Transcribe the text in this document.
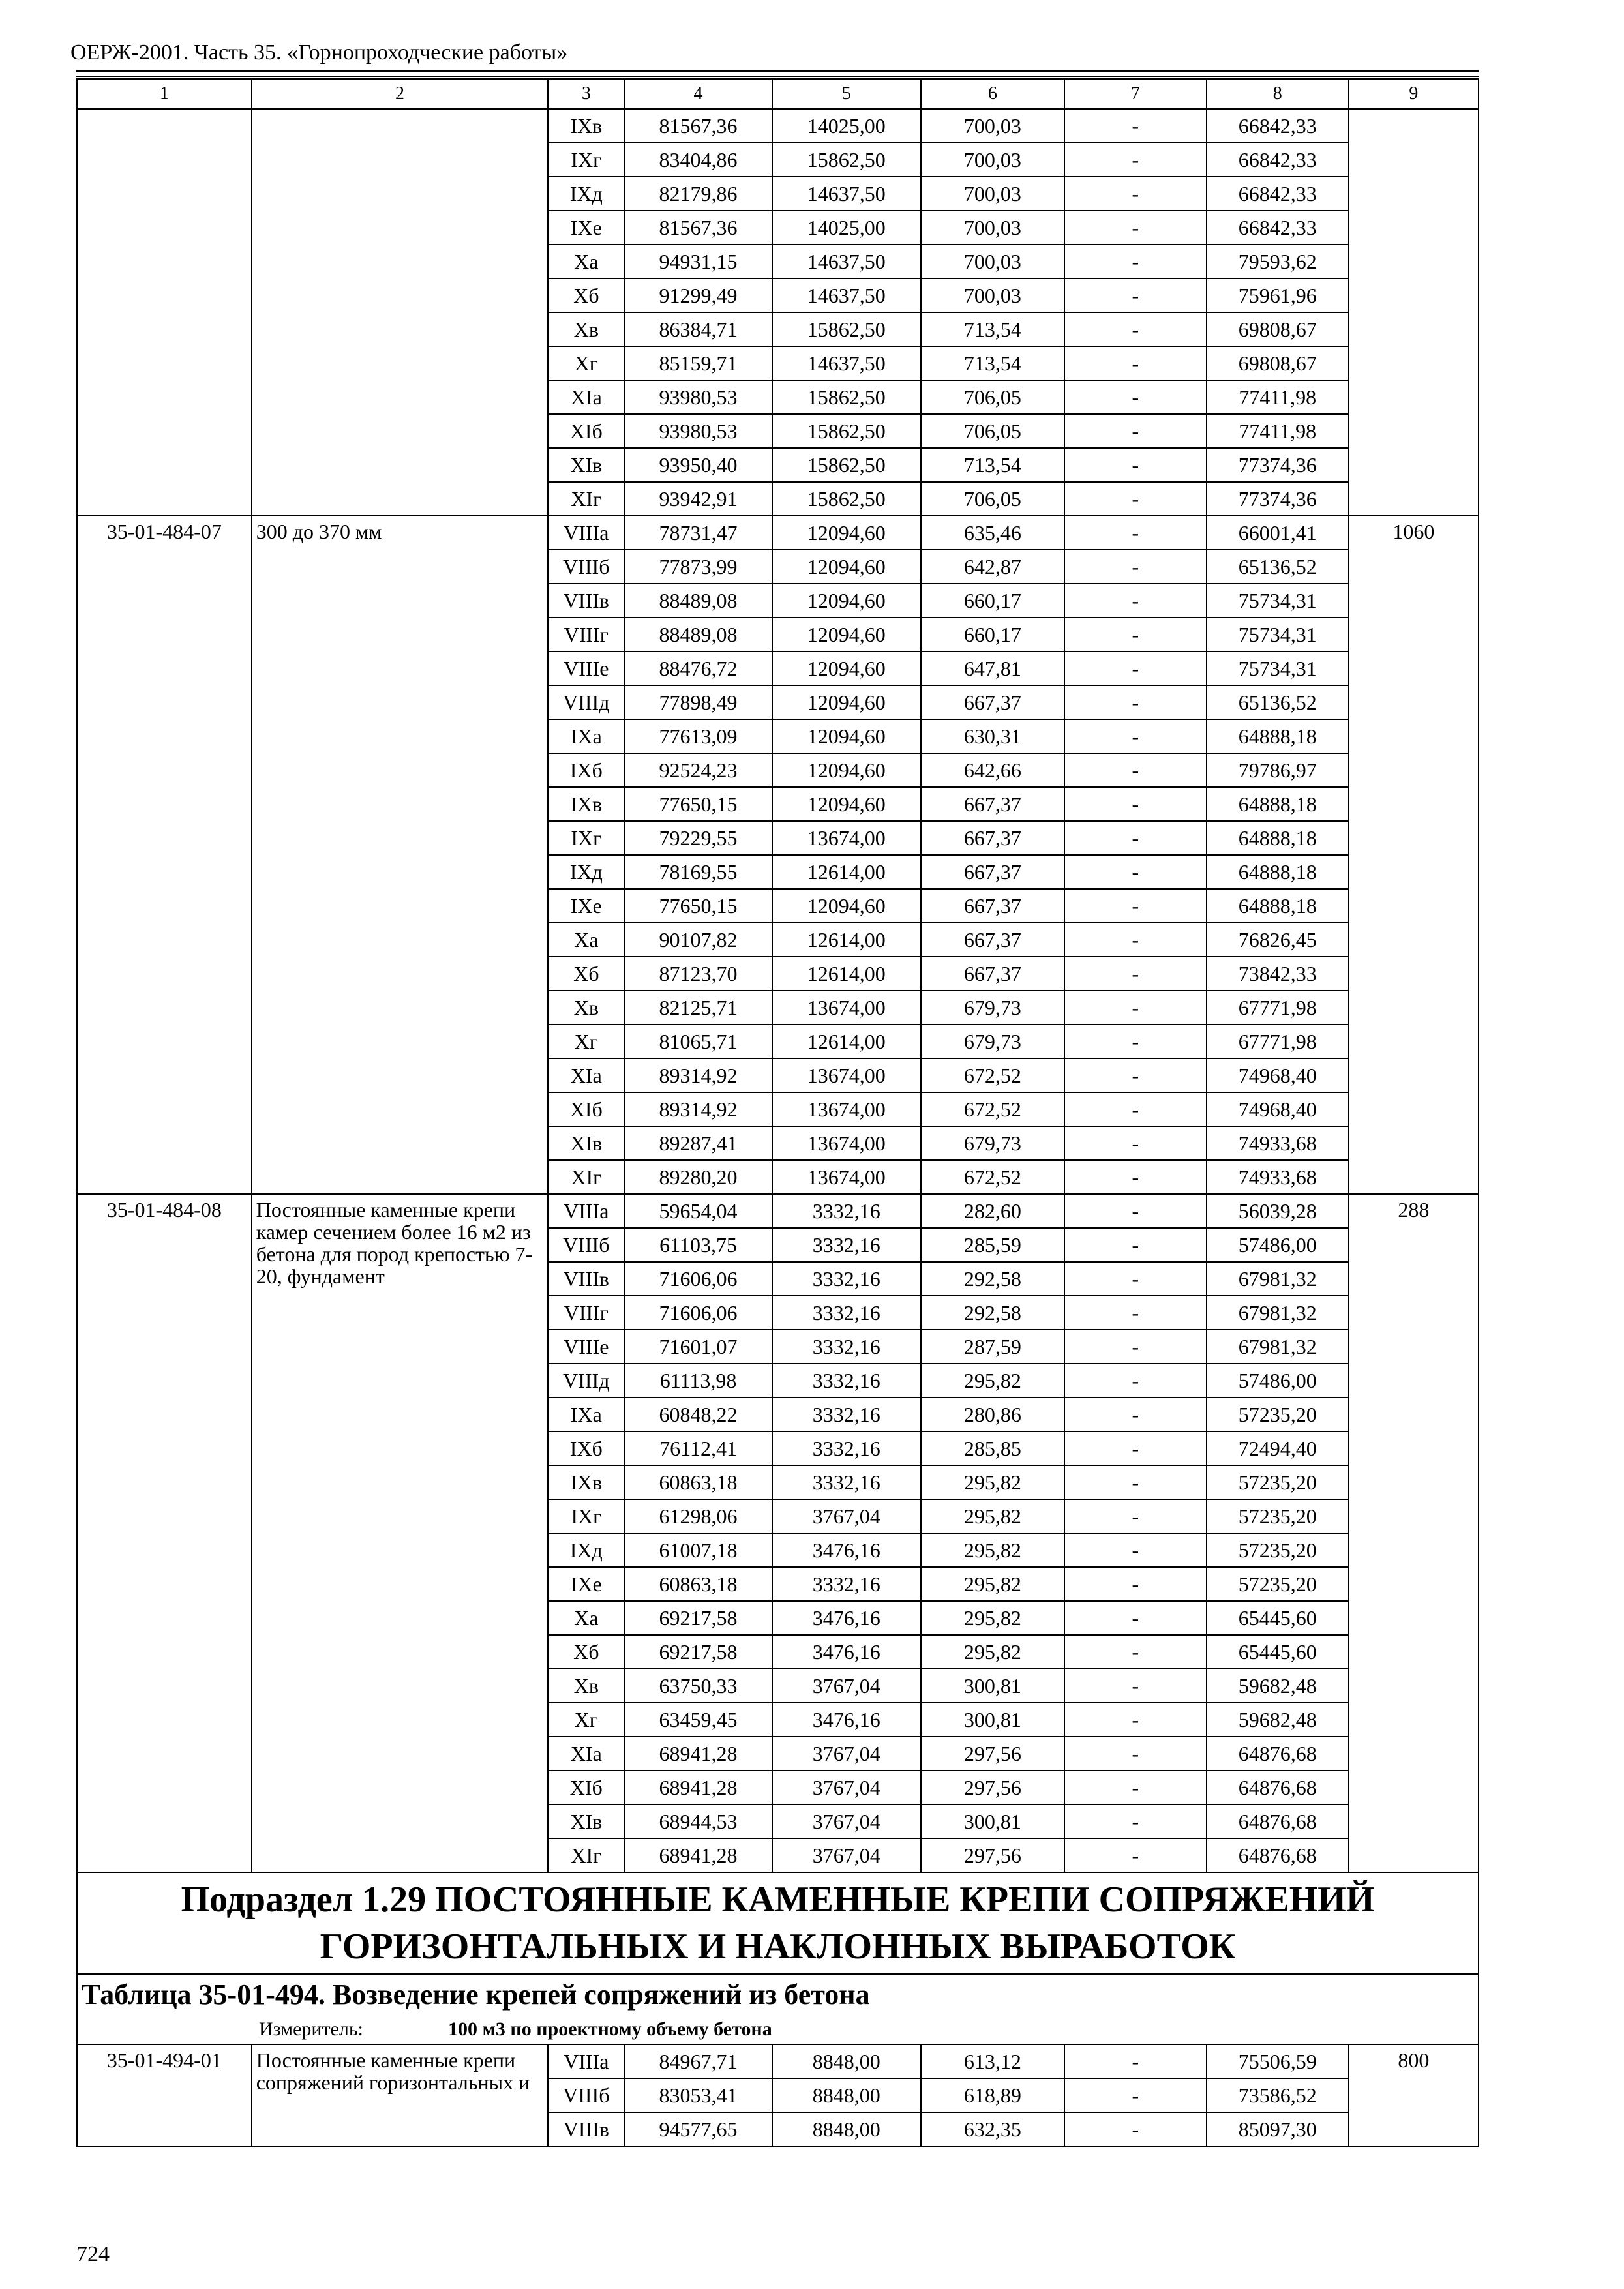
ОЕРЖ-2001. Часть 35. «Горнопроходческие работы»
1	2	3	4	5	6	7	8	9
		IXв	81567,36	14025,00	700,03	-	66842,33	
		IXг	83404,86	15862,50	700,03	-	66842,33	
		IXд	82179,86	14637,50	700,03	-	66842,33	
		IXе	81567,36	14025,00	700,03	-	66842,33	
		Xа	94931,15	14637,50	700,03	-	79593,62	
		Xб	91299,49	14637,50	700,03	-	75961,96	
		Xв	86384,71	15862,50	713,54	-	69808,67	
		Xг	85159,71	14637,50	713,54	-	69808,67	
		XIа	93980,53	15862,50	706,05	-	77411,98	
		XIб	93980,53	15862,50	706,05	-	77411,98	
		XIв	93950,40	15862,50	713,54	-	77374,36	
		XIг	93942,91	15862,50	706,05	-	77374,36	
35-01-484-07	300 до 370 мм	VIIIа	78731,47	12094,60	635,46	-	66001,41	1060
		VIIIб	77873,99	12094,60	642,87	-	65136,52	
		VIIIв	88489,08	12094,60	660,17	-	75734,31	
		VIIIг	88489,08	12094,60	660,17	-	75734,31	
		VIIIе	88476,72	12094,60	647,81	-	75734,31	
		VIIIд	77898,49	12094,60	667,37	-	65136,52	
		IXа	77613,09	12094,60	630,31	-	64888,18	
		IXб	92524,23	12094,60	642,66	-	79786,97	
		IXв	77650,15	12094,60	667,37	-	64888,18	
		IXг	79229,55	13674,00	667,37	-	64888,18	
		IXд	78169,55	12614,00	667,37	-	64888,18	
		IXе	77650,15	12094,60	667,37	-	64888,18	
		Xа	90107,82	12614,00	667,37	-	76826,45	
		Xб	87123,70	12614,00	667,37	-	73842,33	
		Xв	82125,71	13674,00	679,73	-	67771,98	
		Xг	81065,71	12614,00	679,73	-	67771,98	
		XIа	89314,92	13674,00	672,52	-	74968,40	
		XIб	89314,92	13674,00	672,52	-	74968,40	
		XIв	89287,41	13674,00	679,73	-	74933,68	
		XIг	89280,20	13674,00	672,52	-	74933,68	
35-01-484-08	Постоянные каменные крепи камер сечением более 16 м2 из бетона для пород крепостью 7-20, фундамент	VIIIа	59654,04	3332,16	282,60	-	56039,28	288
		VIIIб	61103,75	3332,16	285,59	-	57486,00	
		VIIIв	71606,06	3332,16	292,58	-	67981,32	
		VIIIг	71606,06	3332,16	292,58	-	67981,32	
		VIIIе	71601,07	3332,16	287,59	-	67981,32	
		VIIIд	61113,98	3332,16	295,82	-	57486,00	
		IXа	60848,22	3332,16	280,86	-	57235,20	
		IXб	76112,41	3332,16	285,85	-	72494,40	
		IXв	60863,18	3332,16	295,82	-	57235,20	
		IXг	61298,06	3767,04	295,82	-	57235,20	
		IXд	61007,18	3476,16	295,82	-	57235,20	
		IXе	60863,18	3332,16	295,82	-	57235,20	
		Xа	69217,58	3476,16	295,82	-	65445,60	
		Xб	69217,58	3476,16	295,82	-	65445,60	
		Xв	63750,33	3767,04	300,81	-	59682,48	
		Xг	63459,45	3476,16	300,81	-	59682,48	
		XIа	68941,28	3767,04	297,56	-	64876,68	
		XIб	68941,28	3767,04	297,56	-	64876,68	
		XIв	68944,53	3767,04	300,81	-	64876,68	
		XIг	68941,28	3767,04	297,56	-	64876,68	
Подраздел 1.29 ПОСТОЯННЫЕ КАМЕННЫЕ КРЕПИ СОПРЯЖЕНИЙ ГОРИЗОНТАЛЬНЫХ И НАКЛОННЫХ ВЫРАБОТОК								
Таблица 35-01-494. Возведение крепей сопряжений из бетона								
Измеритель: 100 м3 по проектному объему бетона								
35-01-494-01	Постоянные каменные крепи сопряжений горизонтальных и	VIIIа	84967,71	8848,00	613,12	-	75506,59	800
		VIIIб	83053,41	8848,00	618,89	-	73586,52	
		VIIIв	94577,65	8848,00	632,35	-	85097,30	
724
